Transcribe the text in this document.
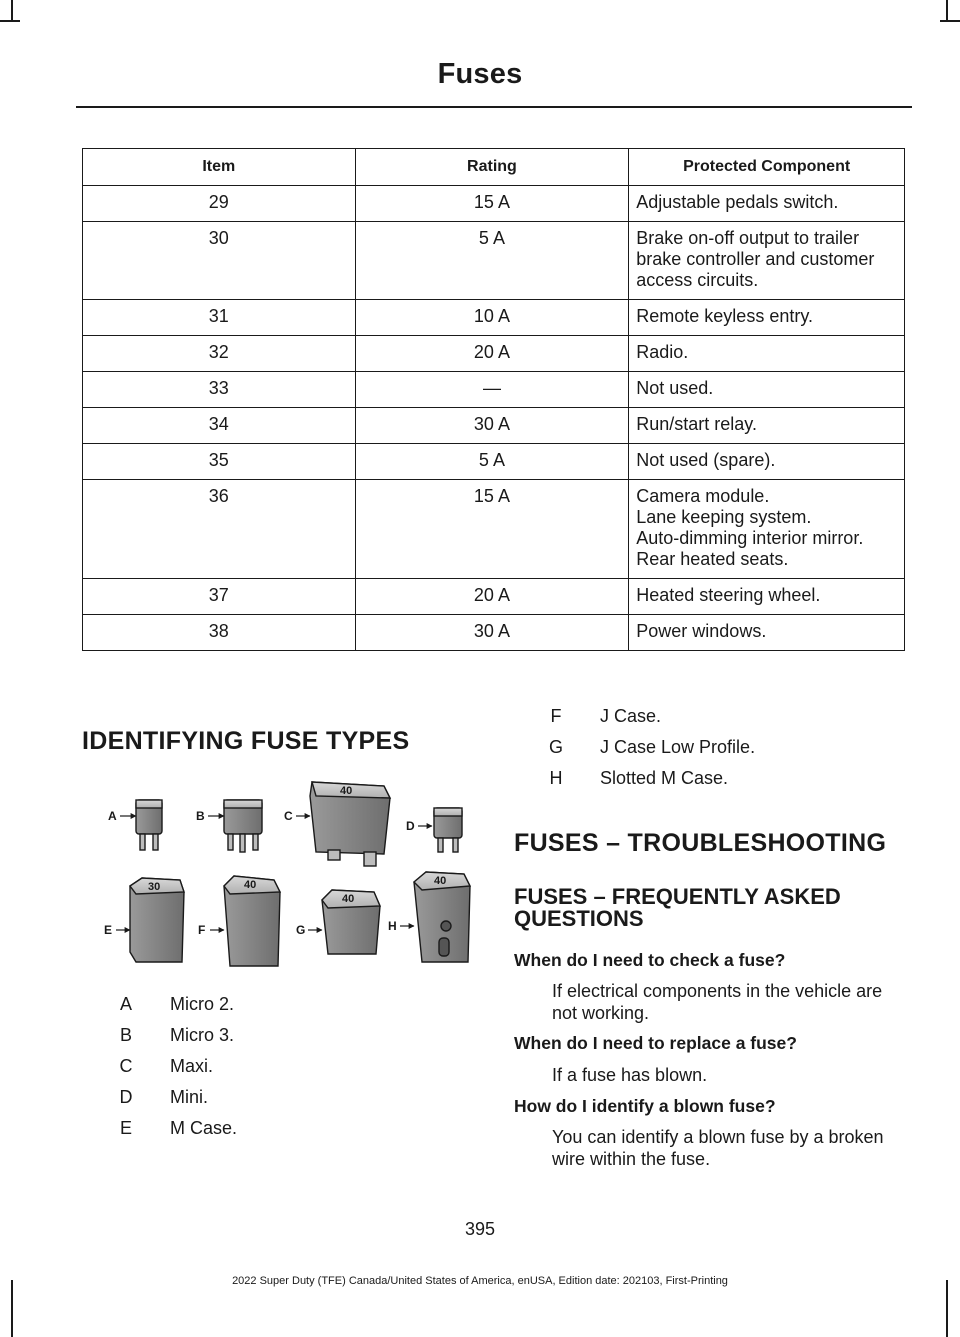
Fuses
Item	Rating	Protected Component
29	15 A	Adjustable pedals switch.

30	5 A	Brake on-off output to trailer brake controller and customer access circuits.

31	10 A	Remote keyless entry.

32	20 A	Radio.

33	—	Not used.

34	30 A	Run/start relay.

35	5 A	Not used (spare).

36	15 A	Camera module.
Lane keeping system.
Auto-dimming interior mirror.
Rear heated seats.

37	20 A	Heated steering wheel.

38	30 A	Power windows.
IDENTIFYING FUSE TYPES
A	B	C
D
E	F	G	H
40
30	40
40
40
A Micro 2.
B Micro 3.
C Maxi.
D Mini.
E M Case.
F J Case.
G J Case Low Profile.
H Slotted M Case.
FUSES – TROUBLESHOOTING
FUSES – FREQUENTLY ASKED
QUESTIONS
When do I need to check a fuse?
If electrical components in the vehicle are not working.
When do I need to replace a fuse?
If a fuse has blown.
How do I identify a blown fuse?
You can identify a blown fuse by a broken wire within the fuse.
395
2022 Super Duty (TFE) Canada/United States of America, enUSA, Edition date: 202103, First-Printing
